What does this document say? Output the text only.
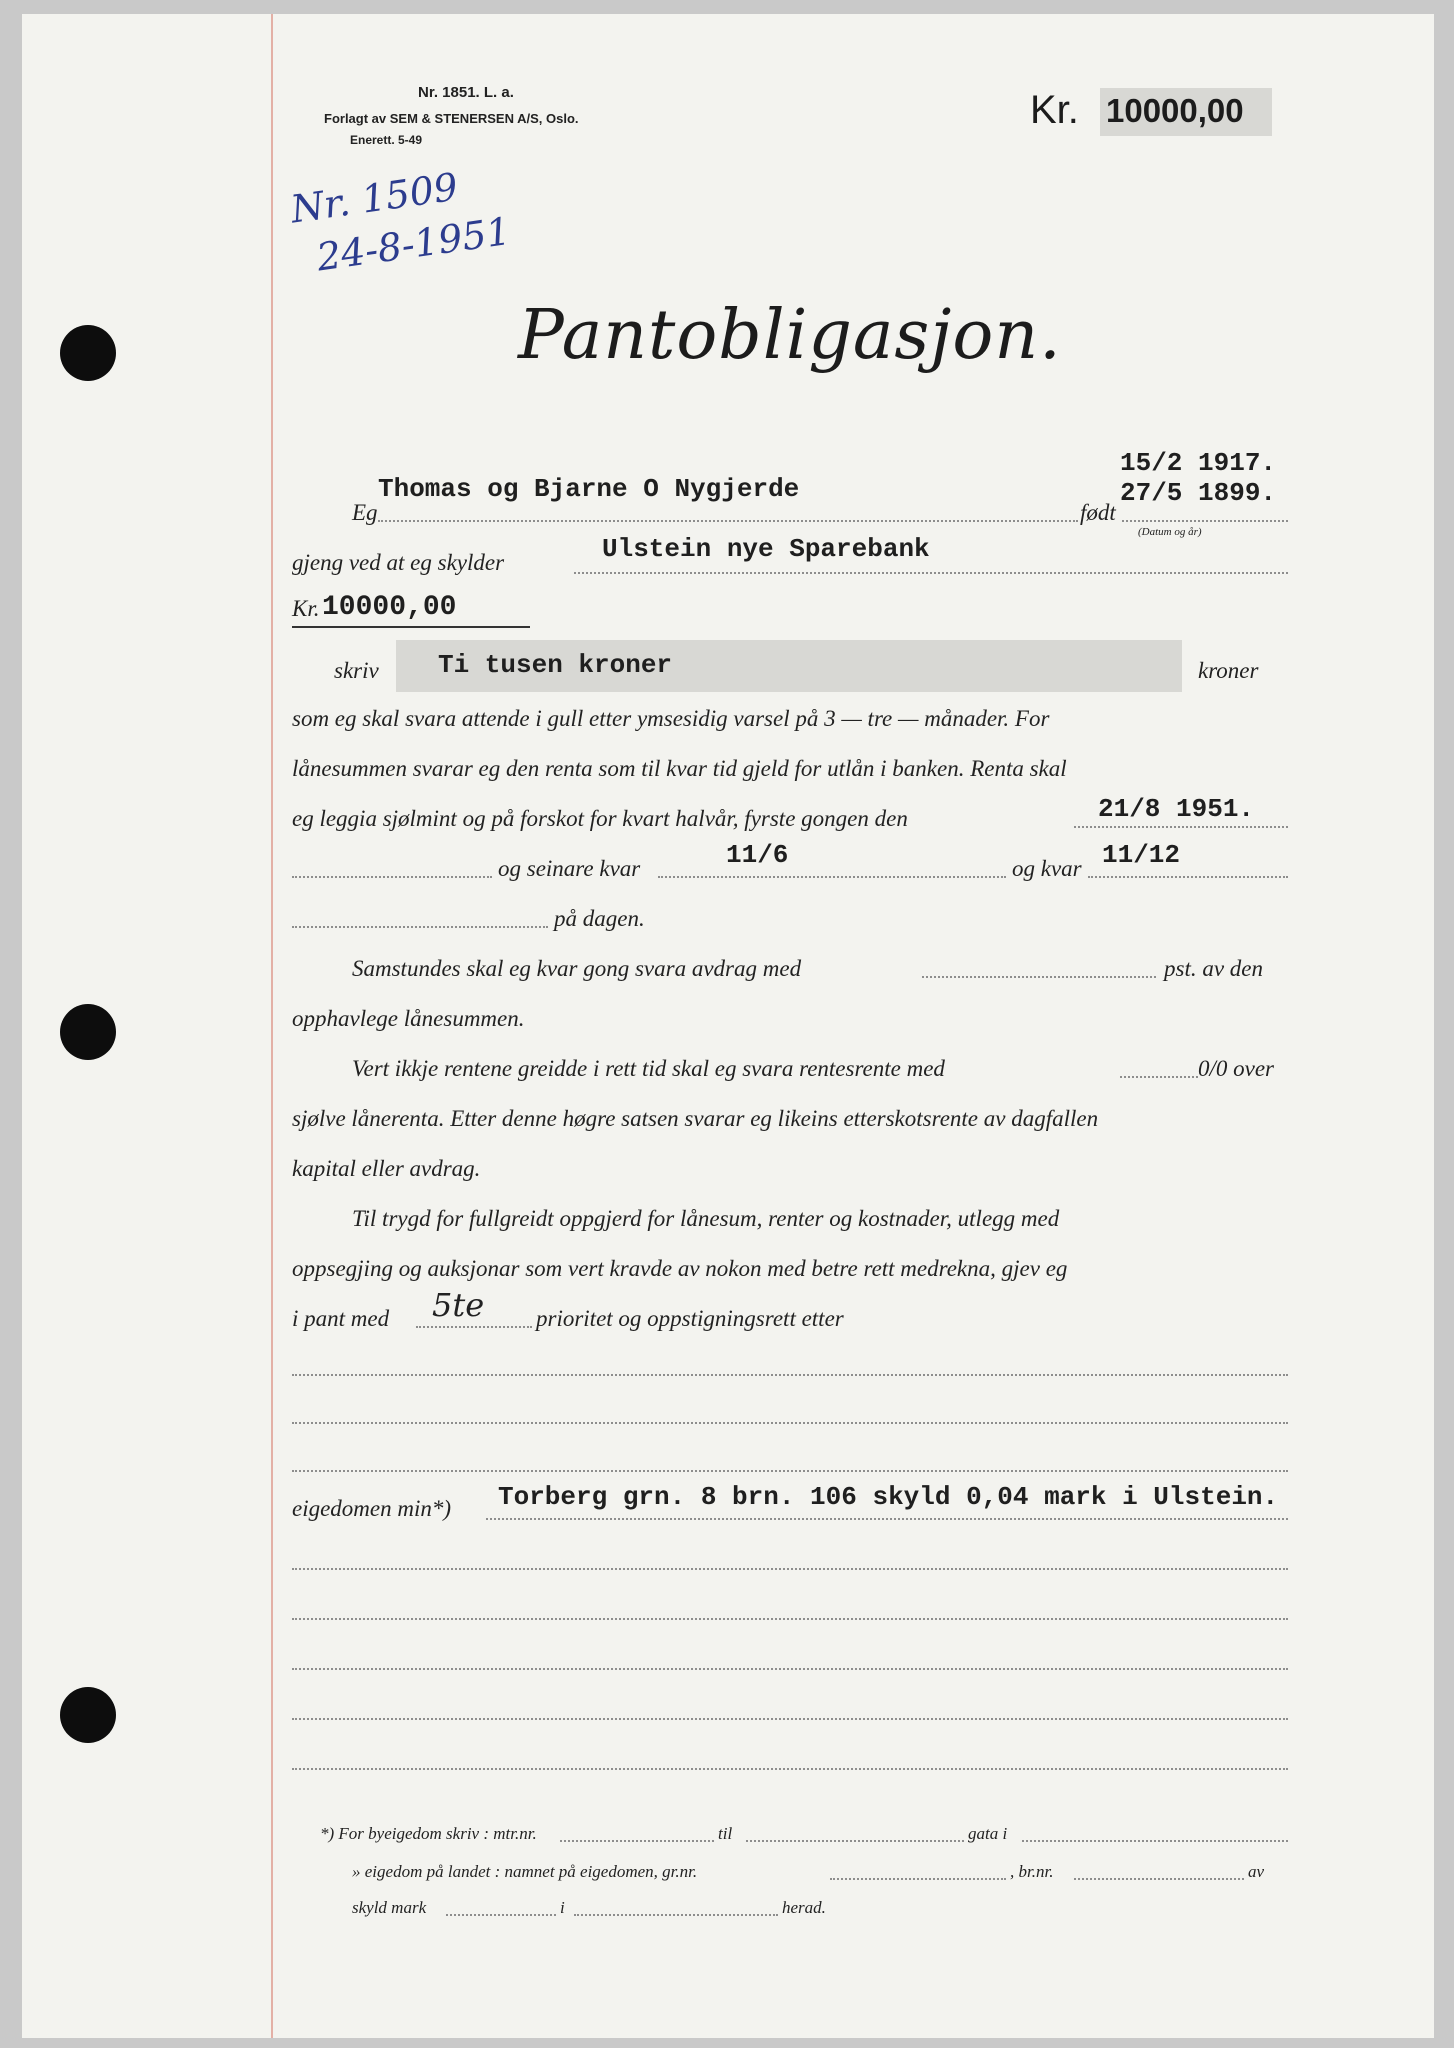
Nr. 1851. L. a.
Forlagt av SEM & STENERSEN A/S, Oslo.
Enerett. 5-49
Kr. 10000,00
Nr. 1509
24-8-1951
Pantobligasjon.
Eg
Thomas og Bjarne O Nygjerde
født
15/2 1917.
27/5 1899.
(Datum og år)
gjeng ved at eg skylder	Ulstein nye Sparebank
Kr. 10000,00
skriv Ti tusen kroner	kroner
som eg skal svara attende i gull etter ymsesidig varsel på 3 — tre — månader. For
lånesummen svarar eg den renta som til kvar tid gjeld for utlån i banken. Renta skal
eg leggia sjølmint og på forskot for kvart halvår, fyrste gongen den	21/8 1951.
og seinare kvar	11/6	og kvar 11/12
på dagen.
Samstundes skal eg kvar gong svara avdrag med	pst. av den
opphavlege lånesummen.
Vert ikkje rentene greidde i rett tid skal eg svara rentesrente med	0/0 over
sjølve lånerenta. Etter denne høgre satsen svarar eg likeins etterskotsrente av dagfallen
kapital eller avdrag.
Til trygd for fullgreidt oppgjerd for lånesum, renter og kostnader, utlegg med
oppsegjing og auksjonar som vert kravde av nokon med betre rett medrekna, gjev eg
i pant med 5te prioritet og oppstigningsrett etter
eigedomen min*) Torberg grn. 8 brn. 106 skyld 0,04 mark i Ulstein.
*) For byeigedom skriv : mtr.nr.	til	gata i
» eigedom på landet : namnet på eigedomen, gr.nr.	, br.nr.	av
skyld mark	i	herad.
